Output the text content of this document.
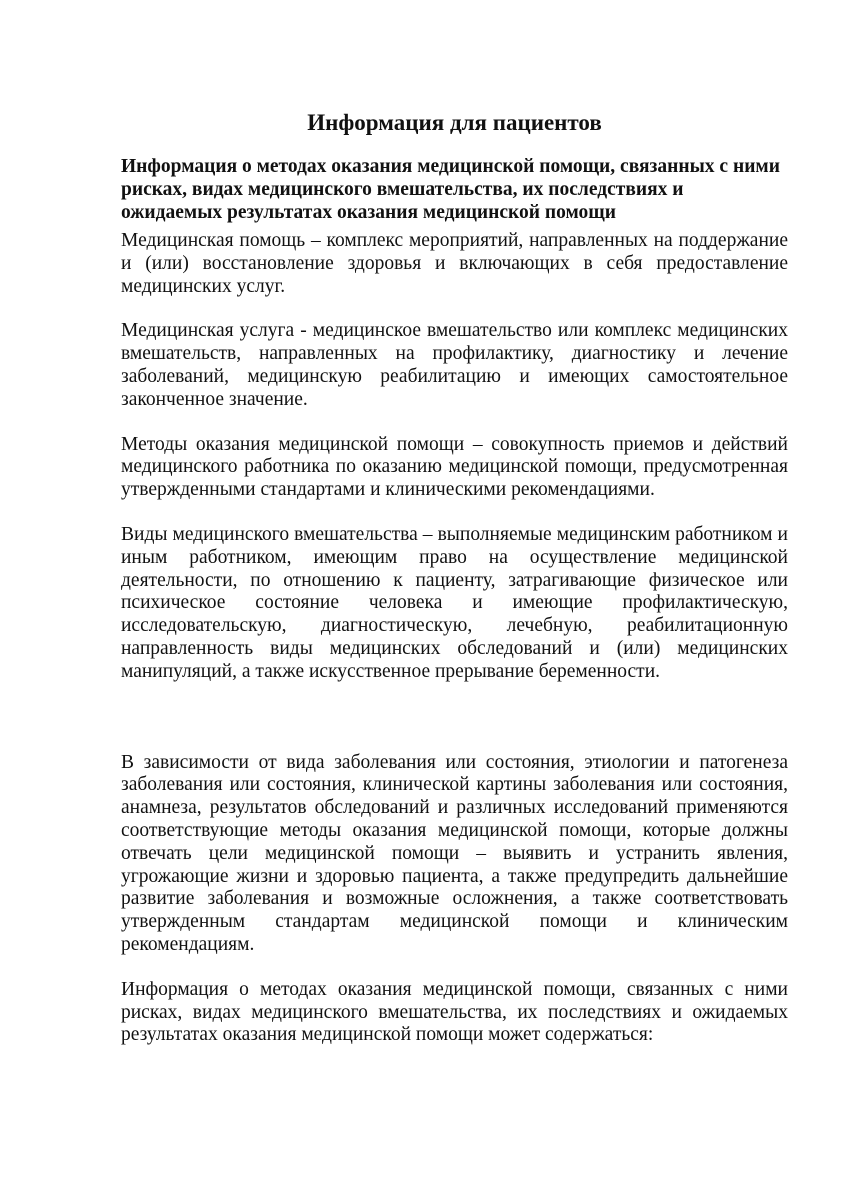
Информация для пациентов

Информация о методах оказания медицинской помощи, связанных с ними рисках, видах медицинского вмешательства, их последствиях и ожидаемых результатах оказания медицинской помощи

Медицинская помощь – комплекс мероприятий, направленных на поддержание и (или) восстановление здоровья и включающих в себя предоставление медицинских услуг.

Медицинская услуга - медицинское вмешательство или комплекс медицинских вмешательств, направленных на профилактику, диагностику и лечение заболеваний, медицинскую реабилитацию и имеющих самостоятельное законченное значение.

Методы оказания медицинской помощи – совокупность приемов и действий медицинского работника по оказанию медицинской помощи, предусмотренная утвержденными стандартами и клиническими рекомендациями.

Виды медицинского вмешательства – выполняемые медицинским работником и иным работником, имеющим право на осуществление медицинской деятельности, по отношению к пациенту, затрагивающие физическое или психическое состояние человека и имеющие профилактическую, исследовательскую, диагностическую, лечебную, реабилитационную направленность виды медицинских обследований и (или) медицинских манипуляций, а также искусственное прерывание беременности.

В зависимости от вида заболевания или состояния, этиологии и патогенеза заболевания или состояния, клинической картины заболевания или состояния, анамнеза, результатов обследований и различных исследований применяются соответствующие методы оказания медицинской помощи, которые должны отвечать цели медицинской помощи – выявить и устранить явления, угрожающие жизни и здоровью пациента, а также предупредить дальнейшие развитие заболевания и возможные осложнения, а также соответствовать утвержденным стандартам медицинской помощи и клиническим рекомендациям.

Информация о методах оказания медицинской помощи, связанных с ними рисках, видах медицинского вмешательства, их последствиях и ожидаемых результатах оказания медицинской помощи может содержаться:
